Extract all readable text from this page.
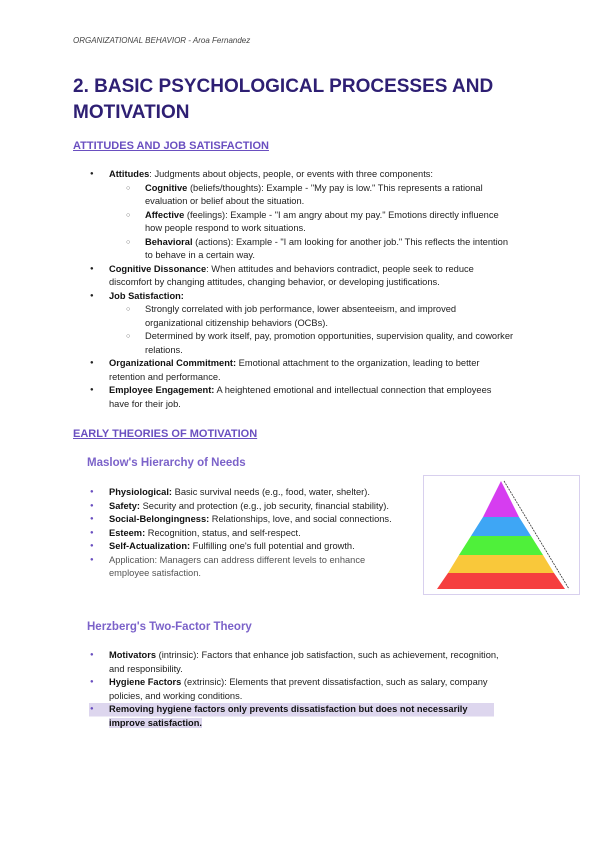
ORGANIZATIONAL BEHAVIOR - Aroa Fernandez
2. BASIC PSYCHOLOGICAL PROCESSES AND MOTIVATION
ATTITUDES AND JOB SATISFACTION
● Attitudes: Judgments about objects, people, or events with three components:
○ Cognitive (beliefs/thoughts): Example - "My pay is low." This represents a rational evaluation or belief about the situation.
○ Affective (feelings): Example - "I am angry about my pay." Emotions directly influence how people respond to work situations.
○ Behavioral (actions): Example - "I am looking for another job." This reflects the intention to behave in a certain way.
● Cognitive Dissonance: When attitudes and behaviors contradict, people seek to reduce discomfort by changing attitudes, changing behavior, or developing justifications.
● Job Satisfaction:
○ Strongly correlated with job performance, lower absenteeism, and improved organizational citizenship behaviors (OCBs).
○ Determined by work itself, pay, promotion opportunities, supervision quality, and coworker relations.
● Organizational Commitment: Emotional attachment to the organization, leading to better retention and performance.
● Employee Engagement: A heightened emotional and intellectual connection that employees have for their job.
EARLY THEORIES OF MOTIVATION
Maslow's Hierarchy of Needs
● Physiological: Basic survival needs (e.g., food, water, shelter).
● Safety: Security and protection (e.g., job security, financial stability).
● Social-Belongingness: Relationships, love, and social connections.
● Esteem: Recognition, status, and self-respect.
● Self-Actualization: Fulfilling one's full potential and growth.
● Application: Managers can address different levels to enhance employee satisfaction.
Herzberg's Two-Factor Theory
● Motivators (intrinsic): Factors that enhance job satisfaction, such as achievement, recognition, and responsibility.
● Hygiene Factors (extrinsic): Elements that prevent dissatisfaction, such as salary, company policies, and working conditions.
● Removing hygiene factors only prevents dissatisfaction but does not necessarily improve satisfaction.
